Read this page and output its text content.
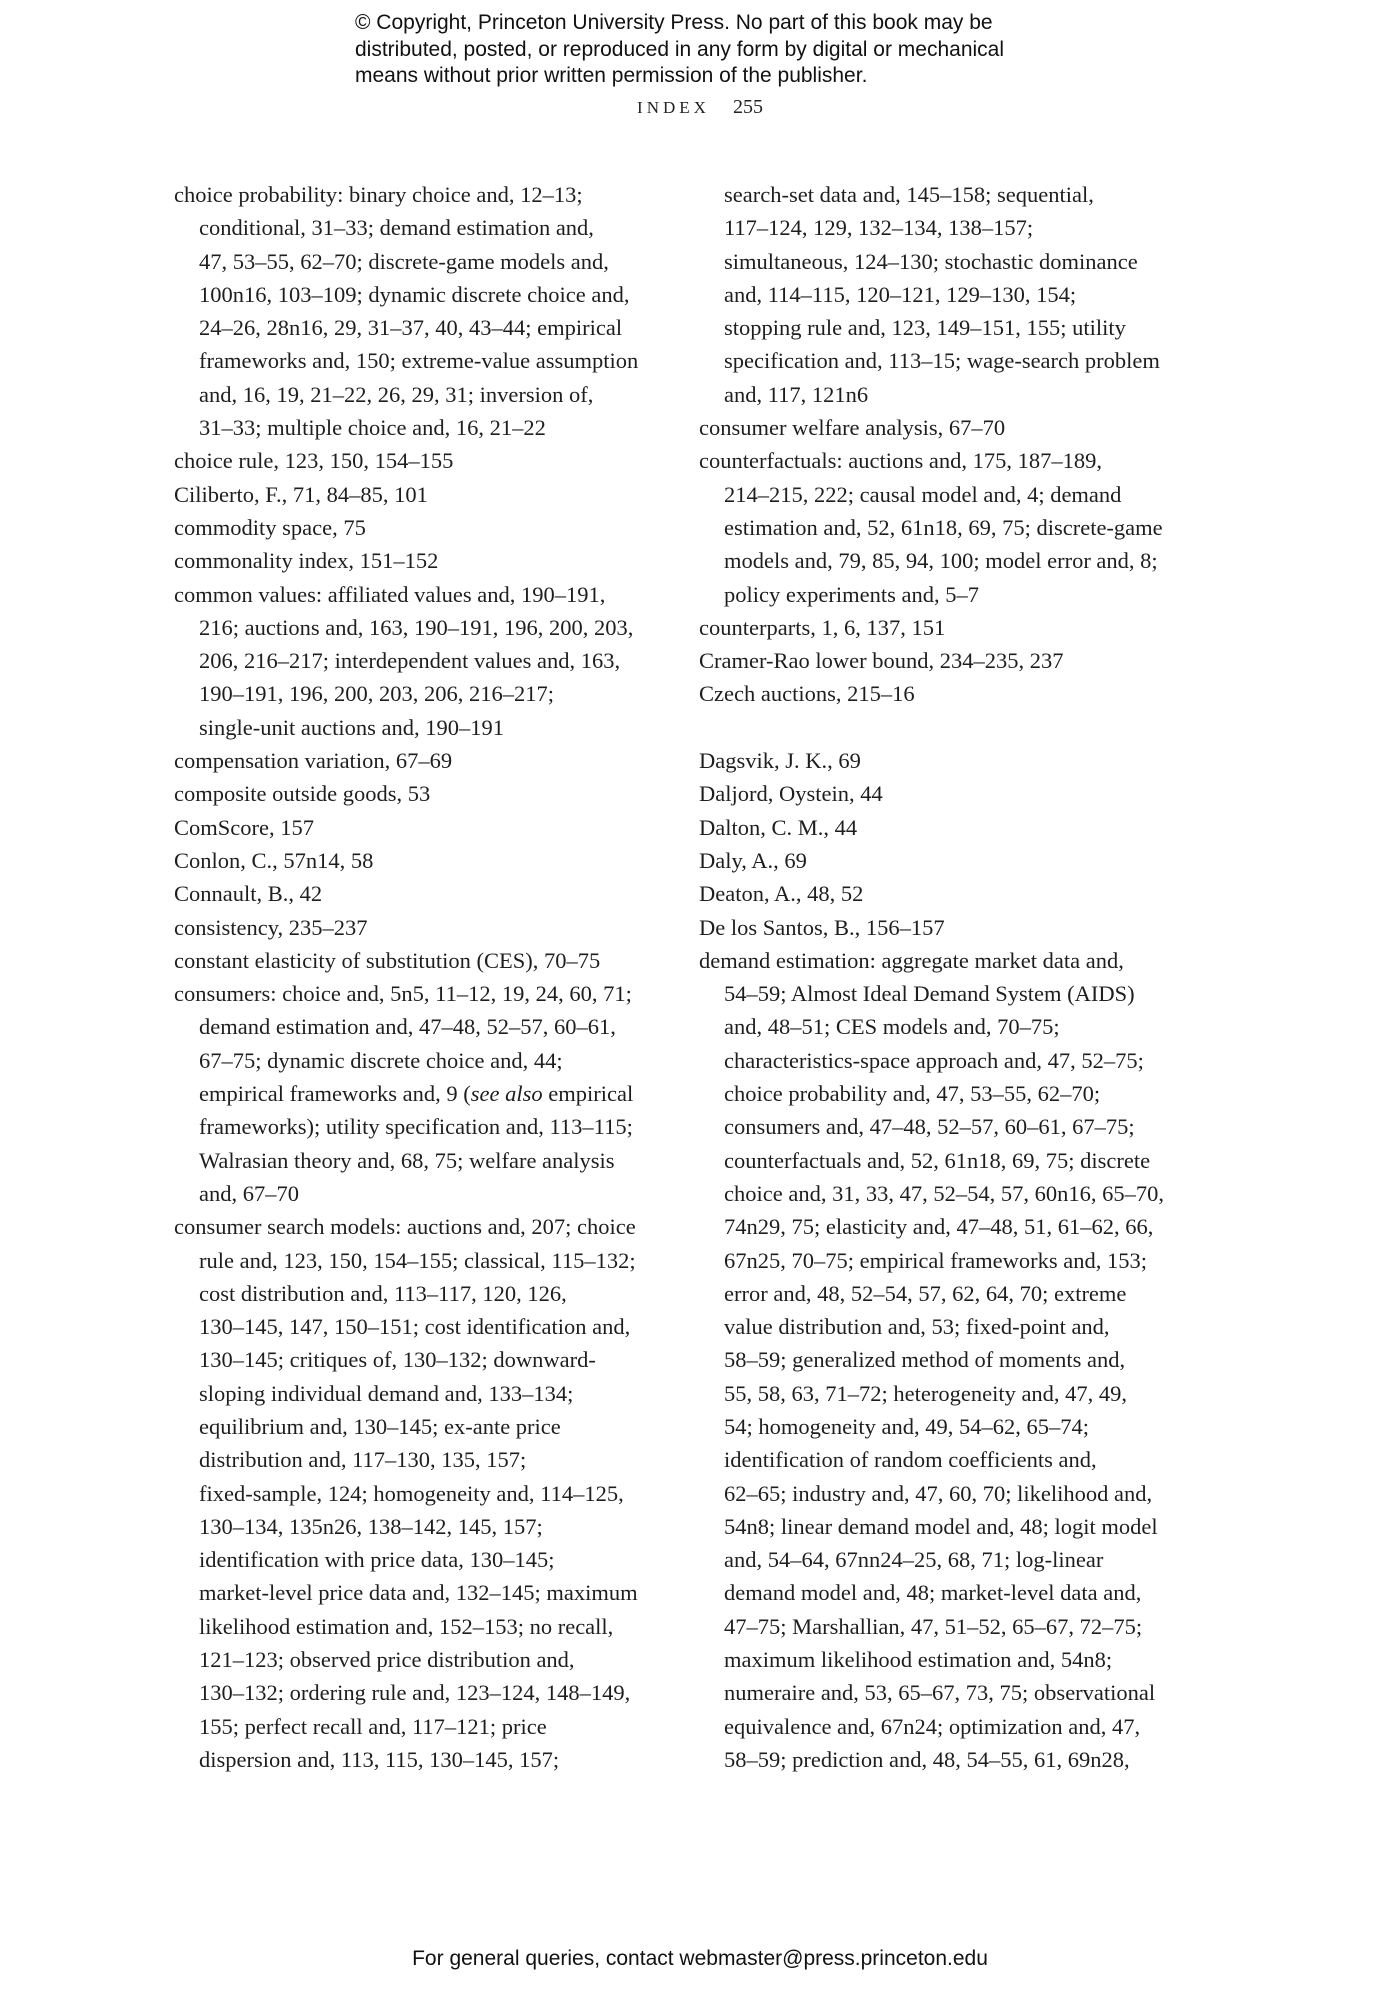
© Copyright, Princeton University Press. No part of this book may be
distributed, posted, or reproduced in any form by digital or mechanical
means without prior written permission of the publisher.
INDEX 255
choice probability: binary choice and, 12–13;
conditional, 31–33; demand estimation and,
47, 53–55, 62–70; discrete-game models and,
100n16, 103–109; dynamic discrete choice and,
24–26, 28n16, 29, 31–37, 40, 43–44; empirical
frameworks and, 150; extreme-value assumption
and, 16, 19, 21–22, 26, 29, 31; inversion of,
31–33; multiple choice and, 16, 21–22
choice rule, 123, 150, 154–155
Ciliberto, F., 71, 84–85, 101
commodity space, 75
commonality index, 151–152
common values: affiliated values and, 190–191,
216; auctions and, 163, 190–191, 196, 200, 203,
206, 216–217; interdependent values and, 163,
190–191, 196, 200, 203, 206, 216–217;
single-unit auctions and, 190–191
compensation variation, 67–69
composite outside goods, 53
ComScore, 157
Conlon, C., 57n14, 58
Connault, B., 42
consistency, 235–237
constant elasticity of substitution (CES), 70–75
consumers: choice and, 5n5, 11–12, 19, 24, 60, 71;
demand estimation and, 47–48, 52–57, 60–61,
67–75; dynamic discrete choice and, 44;
empirical frameworks and, 9 (see also empirical
frameworks); utility specification and, 113–115;
Walrasian theory and, 68, 75; welfare analysis
and, 67–70
consumer search models: auctions and, 207; choice
rule and, 123, 150, 154–155; classical, 115–132;
cost distribution and, 113–117, 120, 126,
130–145, 147, 150–151; cost identification and,
130–145; critiques of, 130–132; downward-
sloping individual demand and, 133–134;
equilibrium and, 130–145; ex-ante price
distribution and, 117–130, 135, 157;
fixed-sample, 124; homogeneity and, 114–125,
130–134, 135n26, 138–142, 145, 157;
identification with price data, 130–145;
market-level price data and, 132–145; maximum
likelihood estimation and, 152–153; no recall,
121–123; observed price distribution and,
130–132; ordering rule and, 123–124, 148–149,
155; perfect recall and, 117–121; price
dispersion and, 113, 115, 130–145, 157;
search-set data and, 145–158; sequential,
117–124, 129, 132–134, 138–157;
simultaneous, 124–130; stochastic dominance
and, 114–115, 120–121, 129–130, 154;
stopping rule and, 123, 149–151, 155; utility
specification and, 113–15; wage-search problem
and, 117, 121n6
consumer welfare analysis, 67–70
counterfactuals: auctions and, 175, 187–189,
214–215, 222; causal model and, 4; demand
estimation and, 52, 61n18, 69, 75; discrete-game
models and, 79, 85, 94, 100; model error and, 8;
policy experiments and, 5–7
counterparts, 1, 6, 137, 151
Cramer-Rao lower bound, 234–235, 237
Czech auctions, 215–16
Dagsvik, J. K., 69
Daljord, Oystein, 44
Dalton, C. M., 44
Daly, A., 69
Deaton, A., 48, 52
De los Santos, B., 156–157
demand estimation: aggregate market data and,
54–59; Almost Ideal Demand System (AIDS)
and, 48–51; CES models and, 70–75;
characteristics-space approach and, 47, 52–75;
choice probability and, 47, 53–55, 62–70;
consumers and, 47–48, 52–57, 60–61, 67–75;
counterfactuals and, 52, 61n18, 69, 75; discrete
choice and, 31, 33, 47, 52–54, 57, 60n16, 65–70,
74n29, 75; elasticity and, 47–48, 51, 61–62, 66,
67n25, 70–75; empirical frameworks and, 153;
error and, 48, 52–54, 57, 62, 64, 70; extreme
value distribution and, 53; fixed-point and,
58–59; generalized method of moments and,
55, 58, 63, 71–72; heterogeneity and, 47, 49,
54; homogeneity and, 49, 54–62, 65–74;
identification of random coefficients and,
62–65; industry and, 47, 60, 70; likelihood and,
54n8; linear demand model and, 48; logit model
and, 54–64, 67nn24–25, 68, 71; log-linear
demand model and, 48; market-level data and,
47–75; Marshallian, 47, 51–52, 65–67, 72–75;
maximum likelihood estimation and, 54n8;
numeraire and, 53, 65–67, 73, 75; observational
equivalence and, 67n24; optimization and, 47,
58–59; prediction and, 48, 54–55, 61, 69n28,
For general queries, contact webmaster@press.princeton.edu
